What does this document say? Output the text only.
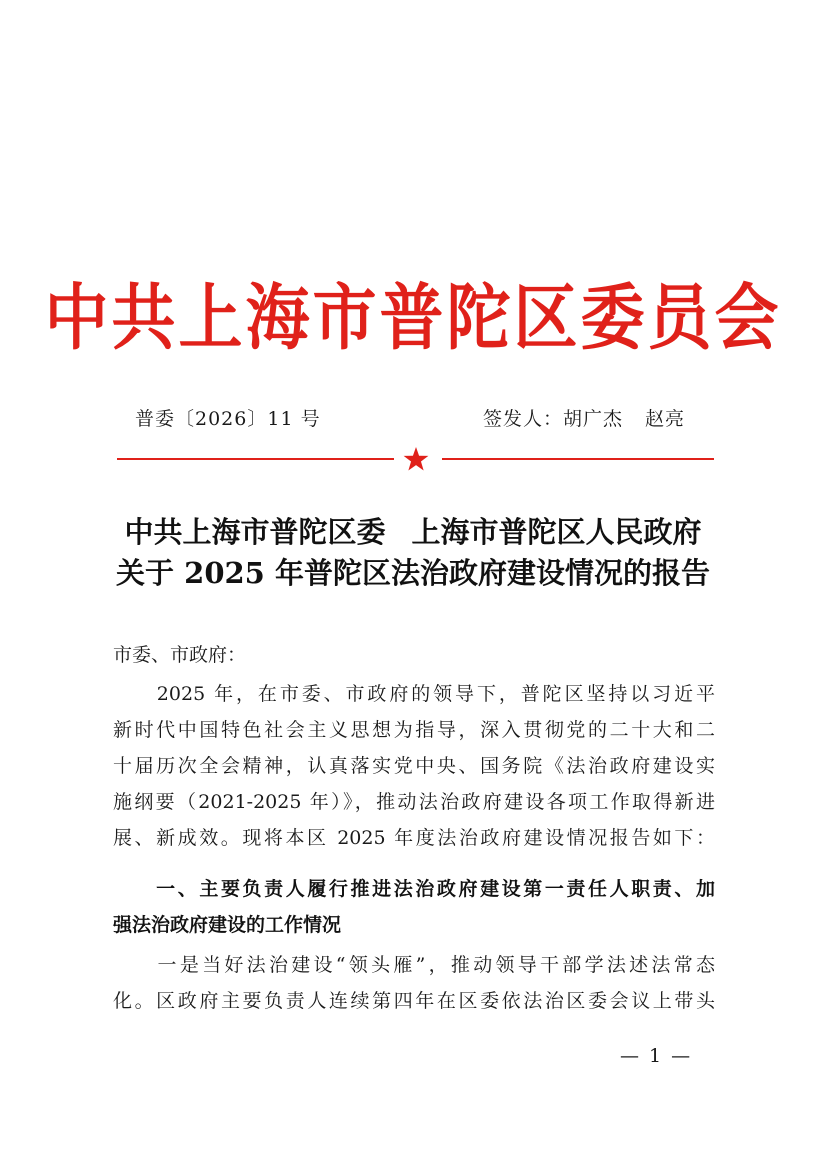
中共上海市普陀区委员会
普委〔2026〕11 号	签发人：胡广杰 赵亮
中共上海市普陀区委 上海市普陀区人民政府
关于 2025 年普陀区法治政府建设情况的报告
市委、市政府：
　　2025 年，在市委、市政府的领导下，普陀区坚持以习近平
新时代中国特色社会主义思想为指导，深入贯彻党的二十大和二
十届历次全会精神，认真落实党中央、国务院《法治政府建设实
施纲要（2021-2025 年）》，推动法治政府建设各项工作取得新进
展、新成效。现将本区 2025 年度法治政府建设情况报告如下：
　　一、主要负责人履行推进法治政府建设第一责任人职责、加
强法治政府建设的工作情况
　　一是当好法治建设“领头雁”，推动领导干部学法述法常态
化。区政府主要负责人连续第四年在区委依法治区委会议上带头
— 1 —
